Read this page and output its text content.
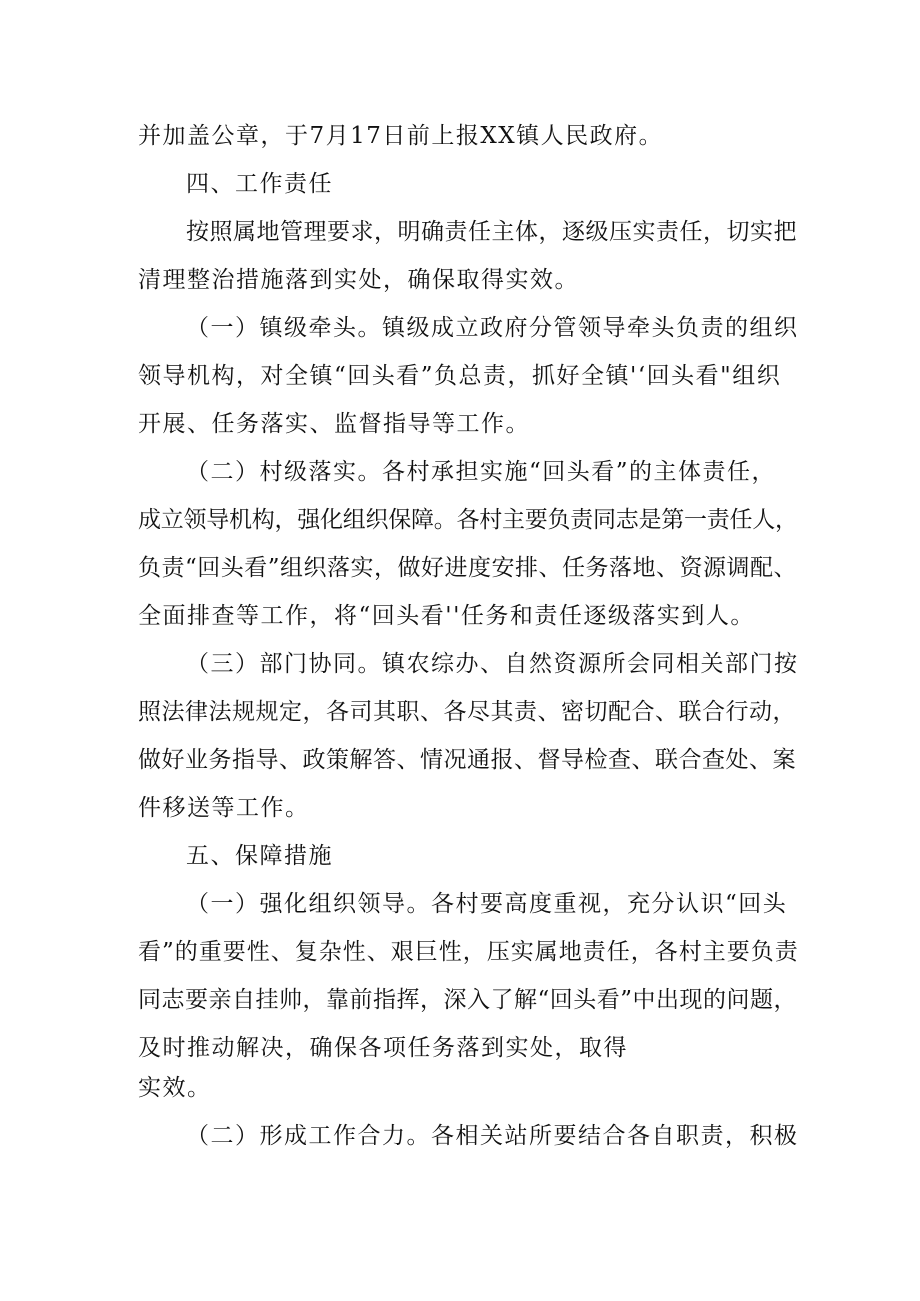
并加盖公章，于7月17日前上报XX镇人民政府。
四、工作责任
按照属地管理要求，明确责任主体，逐级压实责任，切实把
清理整治措施落到实处，确保取得实效。
（一）镇级牵头。镇级成立政府分管领导牵头负责的组织
领导机构，对全镇“回头看”负总责，抓好全镇'‘回头看"组织
开展、任务落实、监督指导等工作。
（二）村级落实。各村承担实施“回头看”的主体责任，
成立领导机构，强化组织保障。各村主要负责同志是第一责任人，
负责“回头看”组织落实，做好进度安排、任务落地、资源调配、
全面排查等工作，将“回头看''任务和责任逐级落实到人。
（三）部门协同。镇农综办、自然资源所会同相关部门按
照法律法规规定，各司其职、各尽其责、密切配合、联合行动，
做好业务指导、政策解答、情况通报、督导检查、联合查处、案
件移送等工作。
五、保障措施
（一）强化组织领导。各村要高度重视，充分认识“回头
看”的重要性、复杂性、艰巨性，压实属地责任，各村主要负责
同志要亲自挂帅，靠前指挥，深入了解“回头看”中出现的问题，
及时推动解决，确保各项任务落到实处，取得
实效。
（二）形成工作合力。各相关站所要结合各自职责，积极
